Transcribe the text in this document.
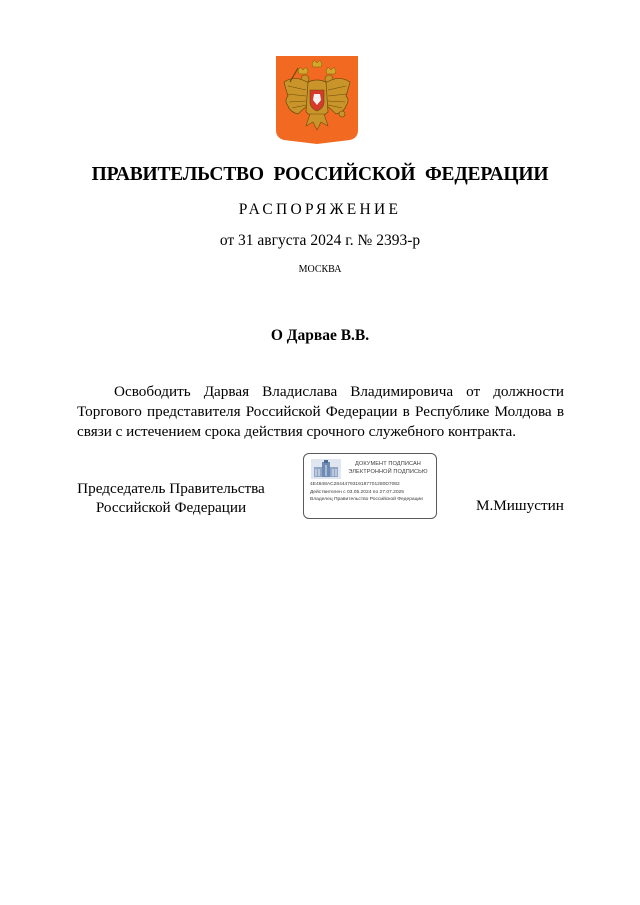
ПРАВИТЕЛЬСТВО РОССИЙСКОЙ ФЕДЕРАЦИИ
РАСПОРЯЖЕНИЕ
от 31 августа 2024 г. № 2393-р
МОСКВА
О Дарвае В.В.

Освободить Дарвая Владислава Владимировича от должности Торгового представителя Российской Федерации в Республике Молдова в связи с истечением срока действия срочного служебного контракта.

Председатель Правительства
Российской Федерации
ДОКУМЕНТ ПОДПИСАН
ЭЛЕКТРОННОЙ ПОДПИСЬЮ
4E4848AC2844479319187701280D7082
Действителен с 03.05.2024 по 27.07.2025
Владелец Правительство Российской Федерации	М.Мишустин
